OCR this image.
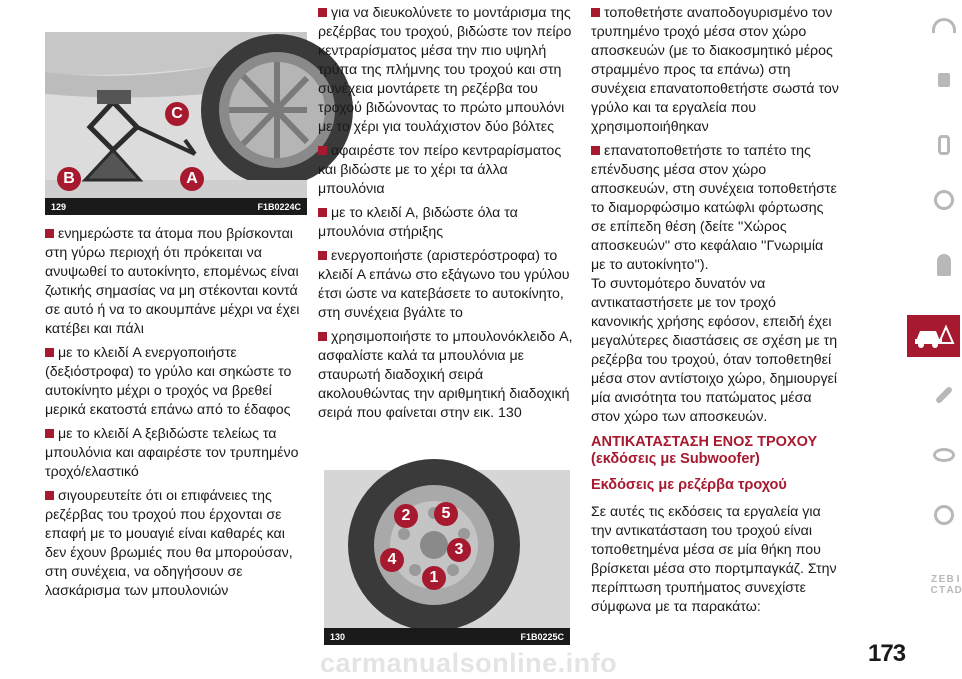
C
B	A
129	F1B0224C

ενημερώστε τα άτομα που βρίσκονται στη γύρω περιοχή ότι πρόκειται να ανυψωθεί το αυτοκίνητο, επομένως είναι ζωτικής σημασίας να μη στέκονται κοντά σε αυτό ή να το ακουμπάνε μέχρι να έχει κατέβει και πάλι

με το κλειδί A ενεργοποιήστε (δεξιόστροφα) το γρύλο και σηκώστε το αυτοκίνητο μέχρι ο τροχός να βρεθεί μερικά εκατοστά επάνω από το έδαφος

με το κλειδί A ξεβιδώστε τελείως τα μπουλόνια και αφαιρέστε τον τρυπημένο τροχό/ελαστικό

σιγουρευτείτε ότι οι επιφάνειες της ρεζέρβας του τροχού που έρχονται σε επαφή με το μουαγιέ είναι καθαρές και δεν έχουν βρωμιές που θα μπορούσαν, στη συνέχεια, να οδηγήσουν σε λασκάρισμα των μπουλονιών

για να διευκολύνετε το μοντάρισμα της ρεζέρβας του τροχού, βιδώστε τον πείρο κεντραρίσματος μέσα την πιο υψηλή τρύπα της πλήμνης του τροχού και στη συνέχεια μοντάρετε τη ρεζέρβα του τροχού βιδώνοντας το πρώτο μπουλόνι με το χέρι για τουλάχιστον δύο βόλτες

αφαιρέστε τον πείρο κεντραρίσματος και βιδώστε με το χέρι τα άλλα μπουλόνια

με το κλειδί A, βιδώστε όλα τα μπουλόνια στήριξης

ενεργοποιήστε (αριστερόστροφα) το κλειδί A επάνω στο εξάγωνο του γρύλου έτσι ώστε να κατεβάσετε το αυτοκίνητο, στη συνέχεια βγάλτε το

χρησιμοποιήστε το μπουλονόκλειδο A, ασφαλίστε καλά τα μπουλόνια με σταυρωτή διαδοχική σειρά ακολουθώντας την αριθμητική διαδοχική σειρά που φαίνεται στην εικ. 130

2	5
3
4
1
130	F1B0225C

τοποθετήστε αναποδογυρισμένο τον τρυπημένο τροχό μέσα στον χώρο αποσκευών (με το διακοσμητικό μέρος στραμμένο προς τα επάνω) στη συνέχεια επανατοποθετήστε σωστά τον γρύλο και τα εργαλεία που χρησιμοποιήθηκαν

επανατοποθετήστε το ταπέτο της επένδυσης μέσα στον χώρο αποσκευών, στη συνέχεια τοποθετήστε το διαμορφώσιμο κατώφλι φόρτωσης σε επίπεδη θέση (δείτε ''Χώρος αποσκευών'' στο κεφάλαιο ''Γνωριμία με το αυτοκίνητο'').

Το συντομότερο δυνατόν να αντικαταστήσετε με τον τροχό κανονικής χρήσης εφόσον, επειδή έχει μεγαλύτερες διαστάσεις σε σχέση με τη ρεζέρβα του τροχού, όταν τοποθετηθεί μέσα στον αντίστοιχο χώρο, δημιουργεί μία ανισότητα του πατώματος μέσα στον χώρο των αποσκευών.

ΑΝΤΙΚΑΤΑΣΤΑΣΗ ΕΝΟΣ ΤΡΟΧΟΥ (εκδόσεις με Subwoofer)
Εκδόσεις με ρεζέρβα τροχού

Σε αυτές τις εκδόσεις τα εργαλεία για την αντικατάσταση του τροχού είναι τοποθετημένα μέσα σε μία θήκη που βρίσκεται μέσα στο πορτμπαγκάζ. Στην περίπτωση τρυπήματος συνεχίστε σύμφωνα με τα παρακάτω:

Z E B I
C T A D
173
carmanualsonline.info
